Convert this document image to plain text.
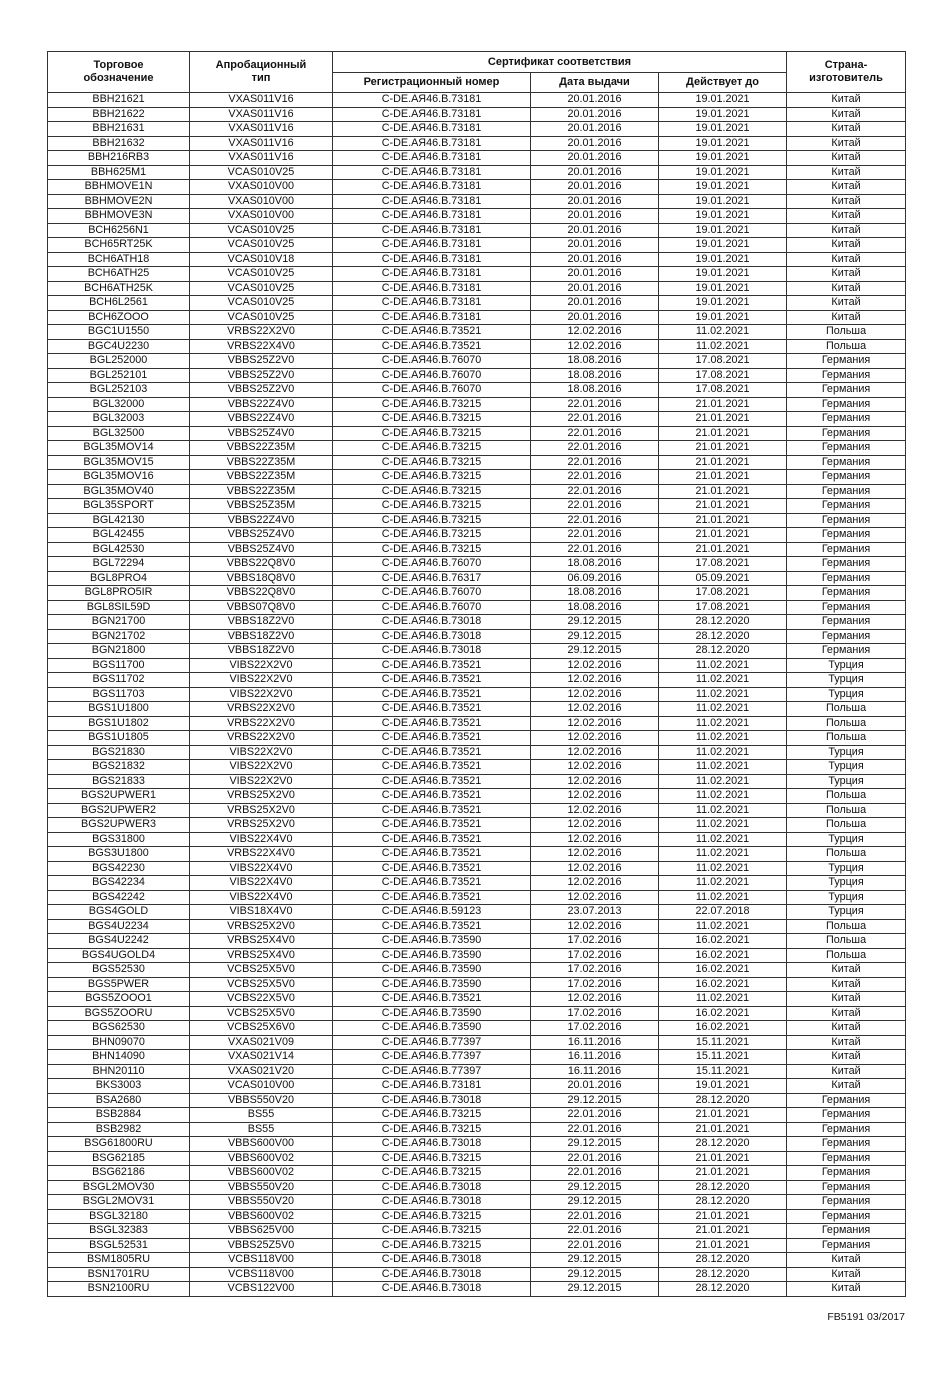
Торговое обозначение	Апробационный тип	Сертификат соответствия			Страна-изготовитель

		Регистрационный номер	Дата выдачи	Действует до	
BBH21621	VXAS011V16	C-DE.АЯ46.B.73181	20.01.2016	19.01.2021	Китай
BBH21622	VXAS011V16	C-DE.АЯ46.B.73181	20.01.2016	19.01.2021	Китай
BBH21631	VXAS011V16	C-DE.АЯ46.B.73181	20.01.2016	19.01.2021	Китай
BBH21632	VXAS011V16	C-DE.АЯ46.B.73181	20.01.2016	19.01.2021	Китай
BBH216RB3	VXAS011V16	C-DE.АЯ46.B.73181	20.01.2016	19.01.2021	Китай
BBH625M1	VCAS010V25	C-DE.АЯ46.B.73181	20.01.2016	19.01.2021	Китай
BBHMOVE1N	VXAS010V00	C-DE.АЯ46.B.73181	20.01.2016	19.01.2021	Китай
BBHMOVE2N	VXAS010V00	C-DE.АЯ46.B.73181	20.01.2016	19.01.2021	Китай
BBHMOVE3N	VXAS010V00	C-DE.АЯ46.B.73181	20.01.2016	19.01.2021	Китай
BCH6256N1	VCAS010V25	C-DE.АЯ46.B.73181	20.01.2016	19.01.2021	Китай
BCH65RT25K	VCAS010V25	C-DE.АЯ46.B.73181	20.01.2016	19.01.2021	Китай
BCH6ATH18	VCAS010V18	C-DE.АЯ46.B.73181	20.01.2016	19.01.2021	Китай
BCH6ATH25	VCAS010V25	C-DE.АЯ46.B.73181	20.01.2016	19.01.2021	Китай
BCH6ATH25K	VCAS010V25	C-DE.АЯ46.B.73181	20.01.2016	19.01.2021	Китай
BCH6L2561	VCAS010V25	C-DE.АЯ46.B.73181	20.01.2016	19.01.2021	Китай
BCH6ZOOO	VCAS010V25	C-DE.АЯ46.B.73181	20.01.2016	19.01.2021	Китай
BGC1U1550	VRBS22X2V0	C-DE.АЯ46.B.73521	12.02.2016	11.02.2021	Польша
BGC4U2230	VRBS22X4V0	C-DE.АЯ46.B.73521	12.02.2016	11.02.2021	Польша
BGL252000	VBBS25Z2V0	C-DE.АЯ46.B.76070	18.08.2016	17.08.2021	Германия
BGL252101	VBBS25Z2V0	C-DE.АЯ46.B.76070	18.08.2016	17.08.2021	Германия
BGL252103	VBBS25Z2V0	C-DE.АЯ46.B.76070	18.08.2016	17.08.2021	Германия
BGL32000	VBBS22Z4V0	C-DE.АЯ46.B.73215	22.01.2016	21.01.2021	Германия
BGL32003	VBBS22Z4V0	C-DE.АЯ46.B.73215	22.01.2016	21.01.2021	Германия
BGL32500	VBBS25Z4V0	C-DE.АЯ46.B.73215	22.01.2016	21.01.2021	Германия
BGL35MOV14	VBBS22Z35M	C-DE.АЯ46.B.73215	22.01.2016	21.01.2021	Германия
BGL35MOV15	VBBS22Z35M	C-DE.АЯ46.B.73215	22.01.2016	21.01.2021	Германия
BGL35MOV16	VBBS22Z35M	C-DE.АЯ46.B.73215	22.01.2016	21.01.2021	Германия
BGL35MOV40	VBBS22Z35M	C-DE.АЯ46.B.73215	22.01.2016	21.01.2021	Германия
BGL35SPORT	VBBS25Z35M	C-DE.АЯ46.B.73215	22.01.2016	21.01.2021	Германия
BGL42130	VBBS22Z4V0	C-DE.АЯ46.B.73215	22.01.2016	21.01.2021	Германия
BGL42455	VBBS25Z4V0	C-DE.АЯ46.B.73215	22.01.2016	21.01.2021	Германия
BGL42530	VBBS25Z4V0	C-DE.АЯ46.B.73215	22.01.2016	21.01.2021	Германия
BGL72294	VBBS22Q8V0	C-DE.АЯ46.B.76070	18.08.2016	17.08.2021	Германия
BGL8PRO4	VBBS18Q8V0	C-DE.АЯ46.B.76317	06.09.2016	05.09.2021	Германия
BGL8PRO5IR	VBBS22Q8V0	C-DE.АЯ46.B.76070	18.08.2016	17.08.2021	Германия
BGL8SIL59D	VBBS07Q8V0	C-DE.АЯ46.B.76070	18.08.2016	17.08.2021	Германия
BGN21700	VBBS18Z2V0	C-DE.АЯ46.B.73018	29.12.2015	28.12.2020	Германия
BGN21702	VBBS18Z2V0	C-DE.АЯ46.B.73018	29.12.2015	28.12.2020	Германия
BGN21800	VBBS18Z2V0	C-DE.АЯ46.B.73018	29.12.2015	28.12.2020	Германия
BGS11700	VIBS22X2V0	C-DE.АЯ46.B.73521	12.02.2016	11.02.2021	Турция
BGS11702	VIBS22X2V0	C-DE.АЯ46.B.73521	12.02.2016	11.02.2021	Турция
BGS11703	VIBS22X2V0	C-DE.АЯ46.B.73521	12.02.2016	11.02.2021	Турция
BGS1U1800	VRBS22X2V0	C-DE.АЯ46.B.73521	12.02.2016	11.02.2021	Польша
BGS1U1802	VRBS22X2V0	C-DE.АЯ46.B.73521	12.02.2016	11.02.2021	Польша
BGS1U1805	VRBS22X2V0	C-DE.АЯ46.B.73521	12.02.2016	11.02.2021	Польша
BGS21830	VIBS22X2V0	C-DE.АЯ46.B.73521	12.02.2016	11.02.2021	Турция
BGS21832	VIBS22X2V0	C-DE.АЯ46.B.73521	12.02.2016	11.02.2021	Турция
BGS21833	VIBS22X2V0	C-DE.АЯ46.B.73521	12.02.2016	11.02.2021	Турция
BGS2UPWER1	VRBS25X2V0	C-DE.АЯ46.B.73521	12.02.2016	11.02.2021	Польша
BGS2UPWER2	VRBS25X2V0	C-DE.АЯ46.B.73521	12.02.2016	11.02.2021	Польша
BGS2UPWER3	VRBS25X2V0	C-DE.АЯ46.B.73521	12.02.2016	11.02.2021	Польша
BGS31800	VIBS22X4V0	C-DE.АЯ46.B.73521	12.02.2016	11.02.2021	Турция
BGS3U1800	VRBS22X4V0	C-DE.АЯ46.B.73521	12.02.2016	11.02.2021	Польша
BGS42230	VIBS22X4V0	C-DE.АЯ46.B.73521	12.02.2016	11.02.2021	Турция
BGS42234	VIBS22X4V0	C-DE.АЯ46.B.73521	12.02.2016	11.02.2021	Турция
BGS42242	VIBS22X4V0	C-DE.АЯ46.B.73521	12.02.2016	11.02.2021	Турция
BGS4GOLD	VIBS18X4V0	C-DE.АЯ46.B.59123	23.07.2013	22.07.2018	Турция
BGS4U2234	VRBS25X2V0	C-DE.АЯ46.B.73521	12.02.2016	11.02.2021	Польша
BGS4U2242	VRBS25X4V0	C-DE.АЯ46.B.73590	17.02.2016	16.02.2021	Польша
BGS4UGOLD4	VRBS25X4V0	C-DE.АЯ46.B.73590	17.02.2016	16.02.2021	Польша
BGS52530	VCBS25X5V0	C-DE.АЯ46.B.73590	17.02.2016	16.02.2021	Китай
BGS5PWER	VCBS25X5V0	C-DE.АЯ46.B.73590	17.02.2016	16.02.2021	Китай
BGS5ZOOO1	VCBS22X5V0	C-DE.АЯ46.B.73521	12.02.2016	11.02.2021	Китай
BGS5ZOORU	VCBS25X5V0	C-DE.АЯ46.B.73590	17.02.2016	16.02.2021	Китай
BGS62530	VCBS25X6V0	C-DE.АЯ46.B.73590	17.02.2016	16.02.2021	Китай
BHN09070	VXAS021V09	C-DE.АЯ46.B.77397	16.11.2016	15.11.2021	Китай
BHN14090	VXAS021V14	C-DE.АЯ46.B.77397	16.11.2016	15.11.2021	Китай
BHN20110	VXAS021V20	C-DE.АЯ46.B.77397	16.11.2016	15.11.2021	Китай
BKS3003	VCAS010V00	C-DE.АЯ46.B.73181	20.01.2016	19.01.2021	Китай
BSA2680	VBBS550V20	C-DE.АЯ46.B.73018	29.12.2015	28.12.2020	Германия
BSB2884	BS55	C-DE.АЯ46.B.73215	22.01.2016	21.01.2021	Германия
BSB2982	BS55	C-DE.АЯ46.B.73215	22.01.2016	21.01.2021	Германия
BSG61800RU	VBBS600V00	C-DE.АЯ46.B.73018	29.12.2015	28.12.2020	Германия
BSG62185	VBBS600V02	C-DE.АЯ46.B.73215	22.01.2016	21.01.2021	Германия
BSG62186	VBBS600V02	C-DE.АЯ46.B.73215	22.01.2016	21.01.2021	Германия
BSGL2MOV30	VBBS550V20	C-DE.АЯ46.B.73018	29.12.2015	28.12.2020	Германия
BSGL2MOV31	VBBS550V20	C-DE.АЯ46.B.73018	29.12.2015	28.12.2020	Германия
BSGL32180	VBBS600V02	C-DE.АЯ46.B.73215	22.01.2016	21.01.2021	Германия
BSGL32383	VBBS625V00	C-DE.АЯ46.B.73215	22.01.2016	21.01.2021	Германия
BSGL52531	VBBS25Z5V0	C-DE.АЯ46.B.73215	22.01.2016	21.01.2021	Германия
BSM1805RU	VCBS118V00	C-DE.АЯ46.B.73018	29.12.2015	28.12.2020	Китай
BSN1701RU	VCBS118V00	C-DE.АЯ46.B.73018	29.12.2015	28.12.2020	Китай
BSN2100RU	VCBS122V00	C-DE.АЯ46.B.73018	29.12.2015	28.12.2020	Китай
FB5191 03/2017
